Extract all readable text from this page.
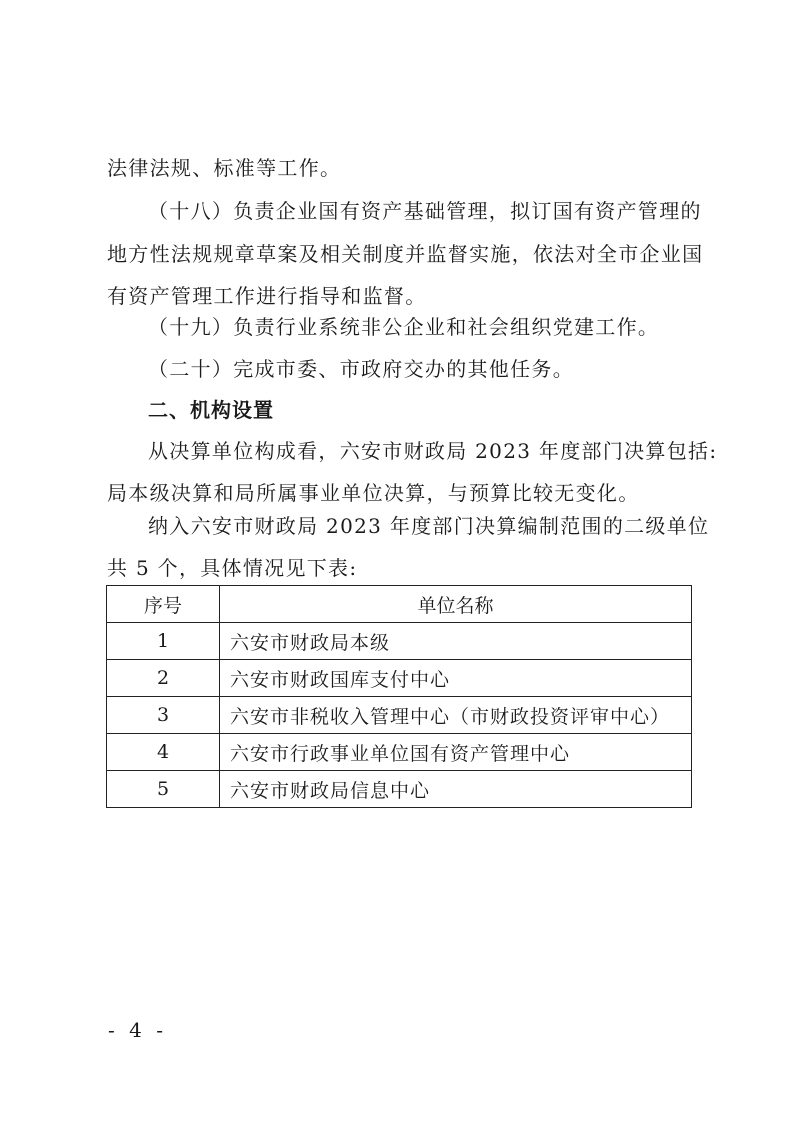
法律法规、标准等工作。
（十八）负责企业国有资产基础管理，拟订国有资产管理的
地方性法规规章草案及相关制度并监督实施，依法对全市企业国
有资产管理工作进行指导和监督。
（十九）负责行业系统非公企业和社会组织党建工作。
（二十）完成市委、市政府交办的其他任务。
二、机构设置
从决算单位构成看，六安市财政局 2023 年度部门决算包括:
局本级决算和局所属事业单位决算，与预算比较无变化。
纳入六安市财政局 2023 年度部门决算编制范围的二级单位
共 5 个，具体情况见下表:
序号	单位名称
1	六安市财政局本级
2	六安市财政国库支付中心
3	六安市非税收入管理中心（市财政投资评审中心）
4	六安市行政事业单位国有资产管理中心
5	六安市财政局信息中心
- 4 -
